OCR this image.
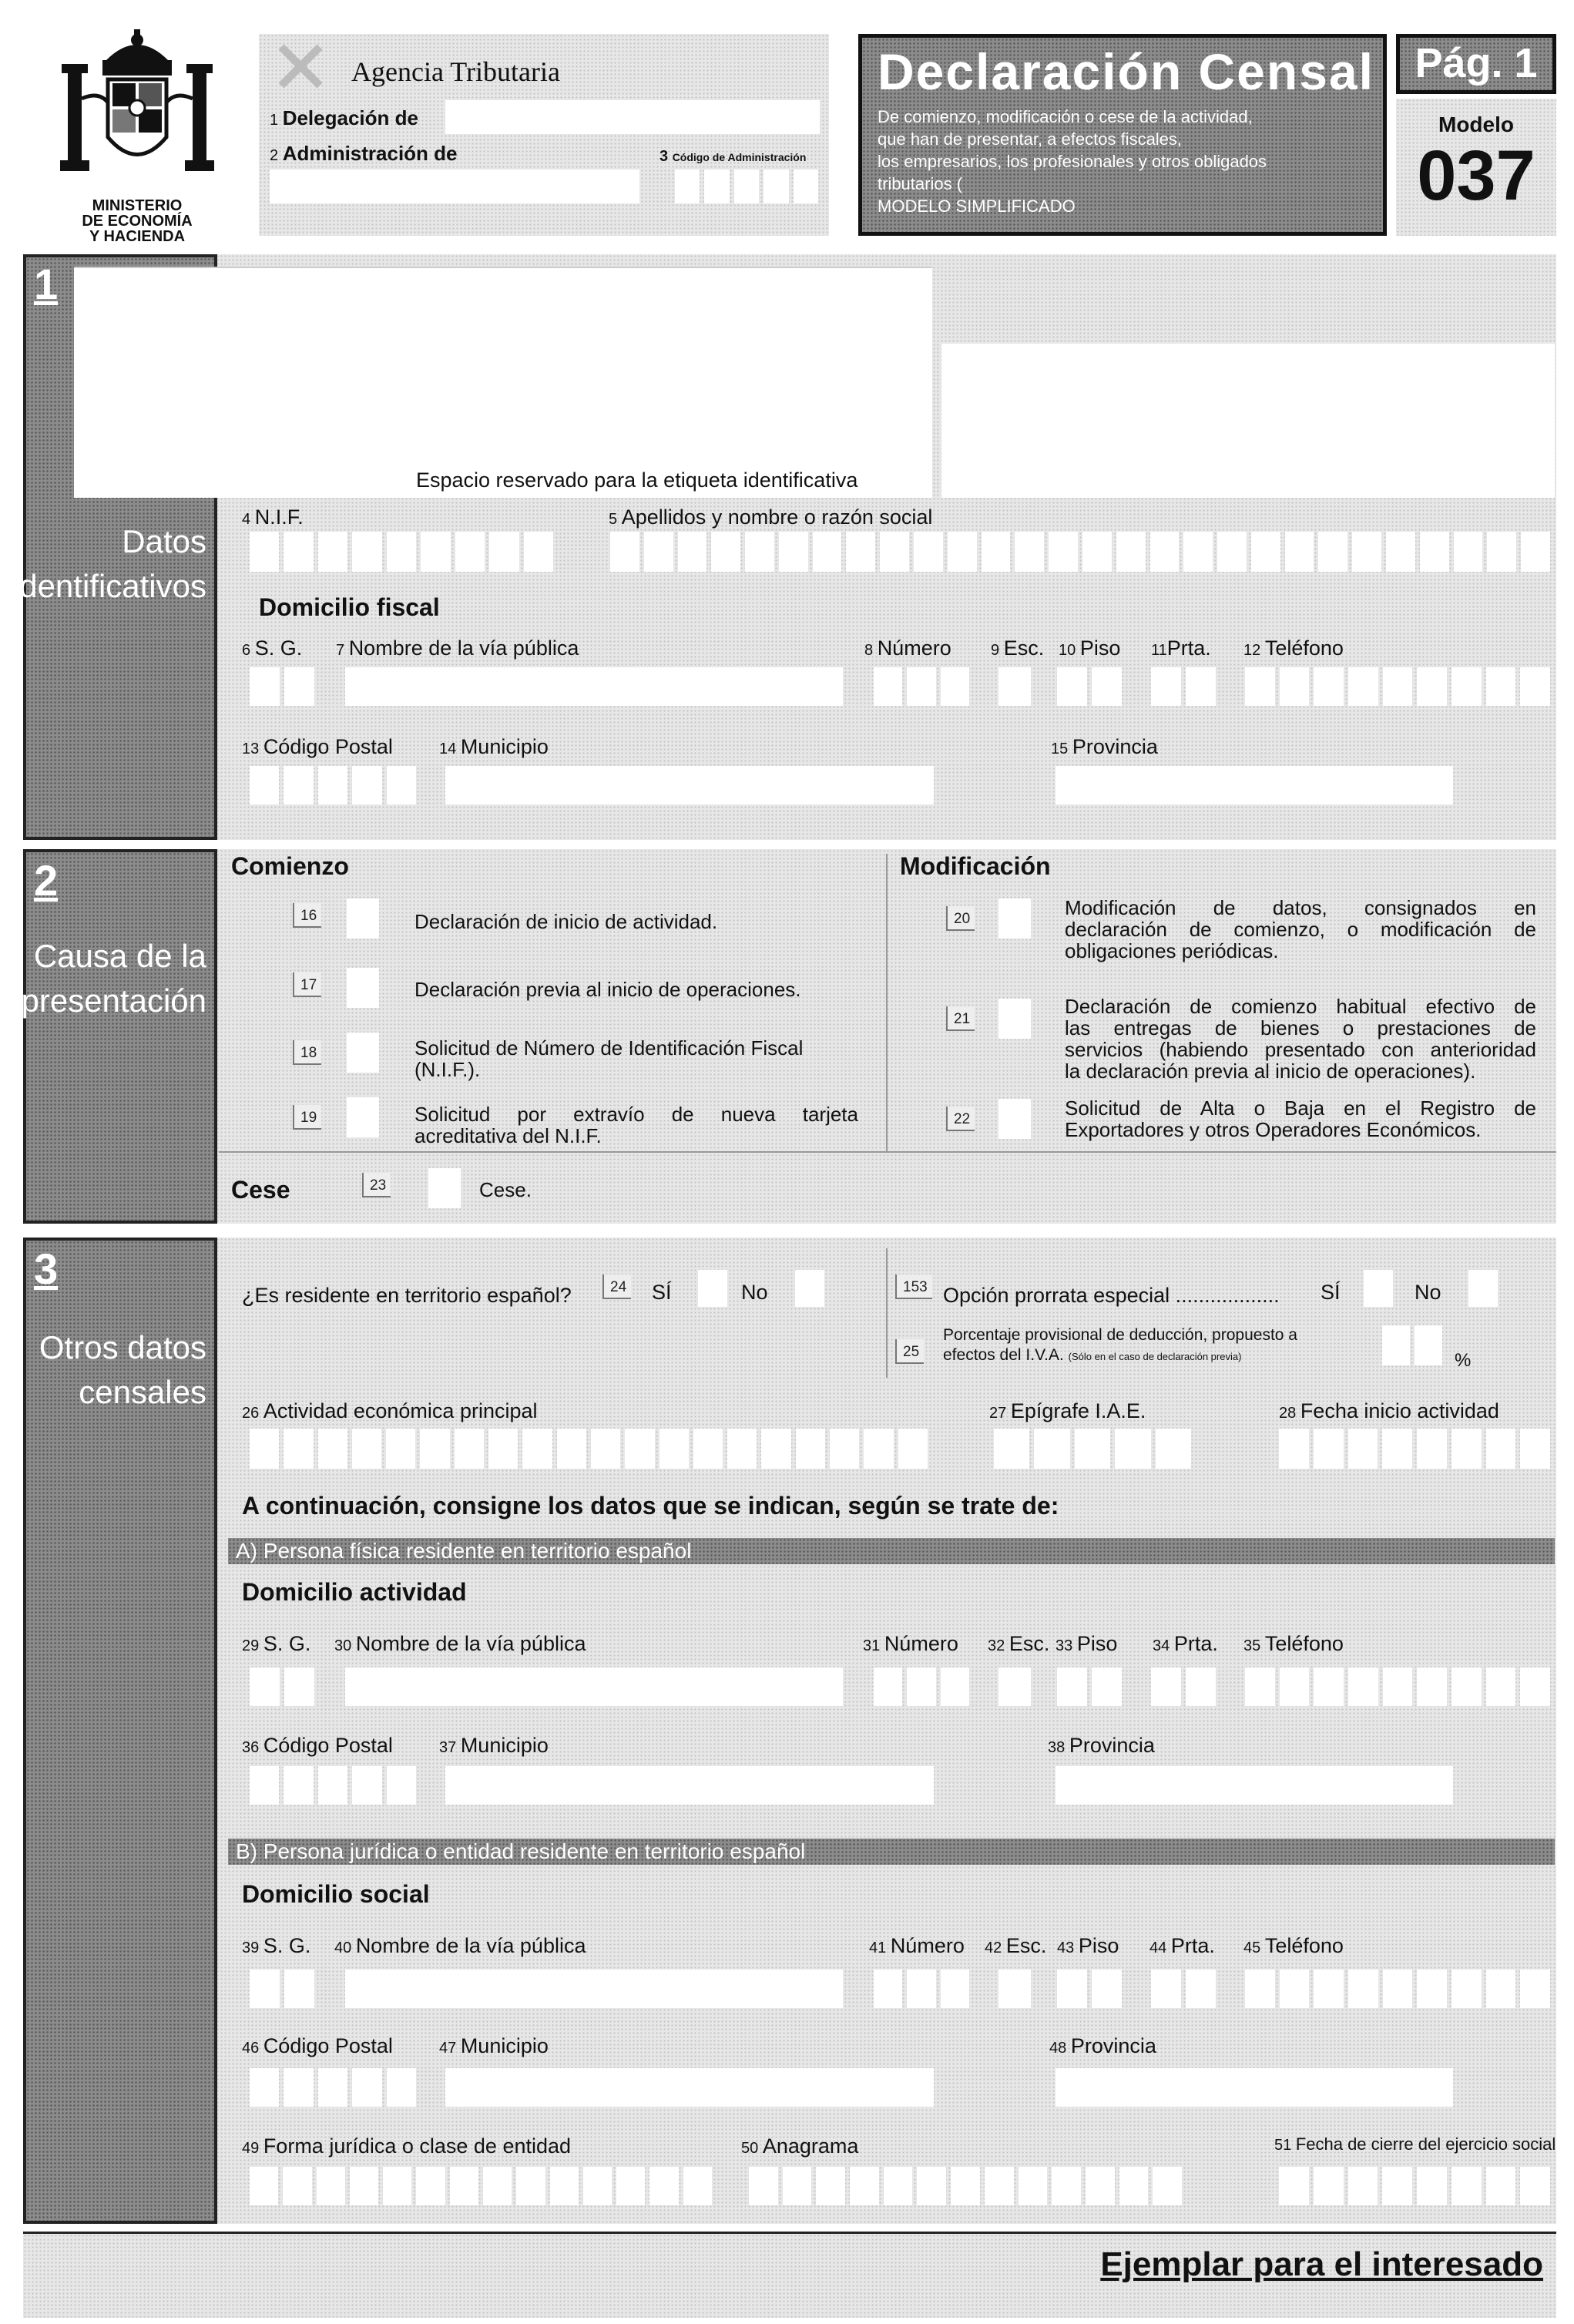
MINISTERIO
DE ECONOMÍA
Y HACIENDA
Agencia Tributaria
1 Delegación de
2 Administración de	3 Código de Administración
Declaración Censal
De comienzo, modificación o cese de la actividad,
que han de presentar, a efectos fiscales,
los empresarios, los profesionales y otros obligados
tributarios (
MODELO SIMPLIFICADO
Pág. 1
Modelo
037
1
Datos
identificativos
Espacio reservado para la etiqueta identificativa
4 N.I.F.	5 Apellidos y nombre o razón social
Domicilio fiscal
6 S. G. 7 Nombre de la vía pública	8 Número	9 Esc. 10 Piso 11Prta. 12 Teléfono
13 Código Postal	14 Municipio	15 Provincia
2
Causa de la
presentación
Comienzo	Modificación
16	Declaración de inicio de actividad.
17	Declaración previa al inicio de operaciones.
18	Solicitud de Número de Identificación Fiscal
(N.I.F.).
19	Solicitud por extravío de nueva tarjeta
acreditativa del N.I.F.
20	Modificación de datos, consignados en
declaración de comienzo, o modificación de
obligaciones periódicas.
21
Declaración de comienzo habitual efectivo de
las entregas de bienes o prestaciones de
servicios (habiendo presentado con anterioridad
la declaración previa al inicio de operaciones).
22	Solicitud de Alta o Baja en el Registro de
Exportadores y otros Operadores Económicos.
Cese	23	Cese.
3
Otros datos
censales
¿Es residente en territorio español?	24 SÍ	No	153 Opción prorrata especial .................. SÍ	No
25
Porcentaje provisional de deducción, propuesto a
efectos del I.V.A. (Sólo en el caso de declaración previa)	%
26 Actividad económica principal	27 Epígrafe I.A.E.	28 Fecha inicio actividad
A continuación, consigne los datos que se indican, según se trate de:
A) Persona física residente en territorio español
Domicilio actividad
29 S. G. 30 Nombre de la vía pública	31 Número 32 Esc. 33 Piso 34 Prta. 35 Teléfono
36 Código Postal	37 Municipio	38 Provincia
B) Persona jurídica o entidad residente en territorio español
Domicilio social
39 S. G. 40 Nombre de la vía pública	41 Número 42 Esc. 43 Piso 44 Prta. 45 Teléfono
46 Código Postal	47 Municipio	48 Provincia
49 Forma jurídica o clase de entidad	50 Anagrama	51 Fecha de cierre del ejercicio social
Ejemplar para el interesado
